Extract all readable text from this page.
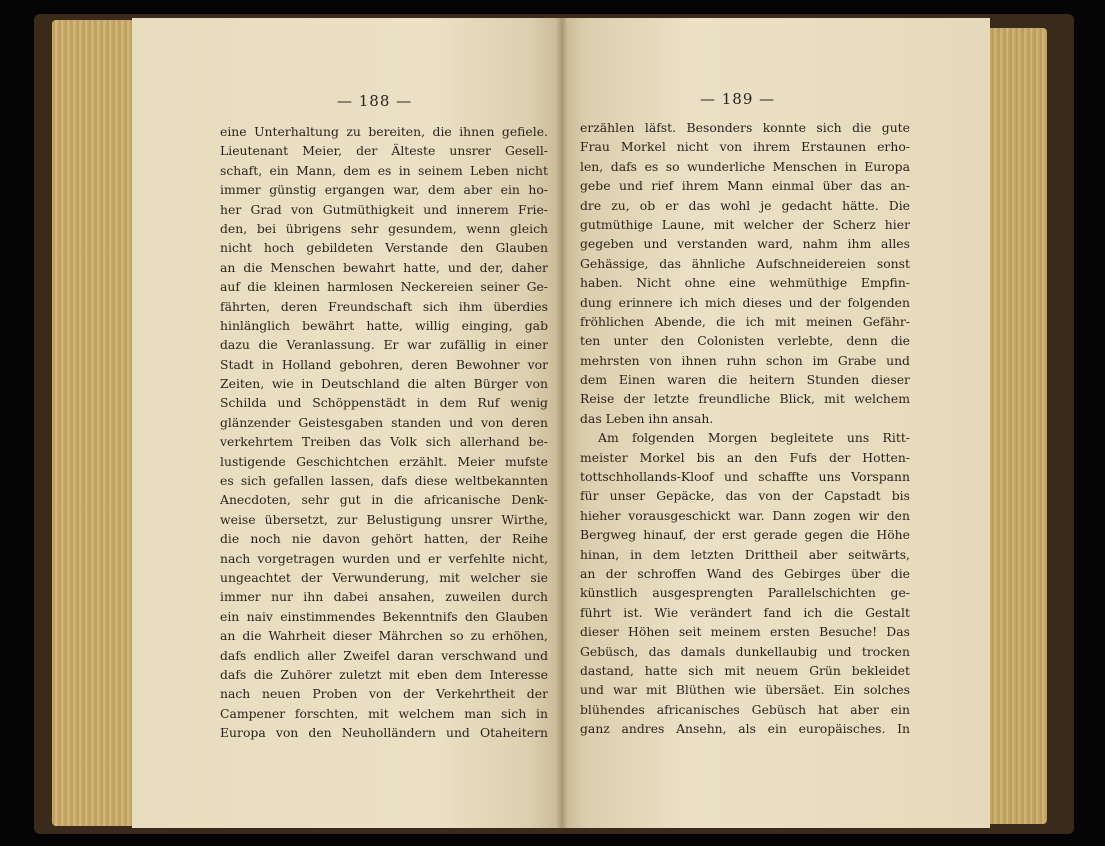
— 188 —
eine Unterhaltung zu bereiten, die ihnen gefiele.
Lieutenant Meier, der Älteste unsrer Gesell-
schaft, ein Mann, dem es in seinem Leben nicht
immer günstig ergangen war, dem aber ein ho-
her Grad von Gutmüthigkeit und innerem Frie-
den, bei übrigens sehr gesundem, wenn gleich
nicht hoch gebildeten Verstande den Glauben
an die Menschen bewahrt hatte, und der, daher
auf die kleinen harmlosen Neckereien seiner Ge-
fährten, deren Freundschaft sich ihm überdies
hinlänglich bewährt hatte, willig einging, gab
dazu die Veranlassung. Er war zufällig in einer
Stadt in Holland gebohren, deren Bewohner vor
Zeiten, wie in Deutschland die alten Bürger von
Schilda und Schöppenstädt in dem Ruf wenig
glänzender Geistesgaben standen und von deren
verkehrtem Treiben das Volk sich allerhand be-
lustigende Geschichtchen erzählt. Meier mufste
es sich gefallen lassen, dafs diese weltbekannten
Anecdoten, sehr gut in die africanische Denk-
weise übersetzt, zur Belustigung unsrer Wirthe,
die noch nie davon gehört hatten, der Reihe
nach vorgetragen wurden und er verfehlte nicht,
ungeachtet der Verwunderung, mit welcher sie
immer nur ihn dabei ansahen, zuweilen durch
ein naiv einstimmendes Bekenntnifs den Glauben
an die Wahrheit dieser Mährchen so zu erhöhen,
dafs endlich aller Zweifel daran verschwand und
dafs die Zuhörer zuletzt mit eben dem Interesse
nach neuen Proben von der Verkehrtheit der
Campener forschten, mit welchem man sich in
Europa von den Neuholländern und Otaheitern
— 189 —
erzählen läfst. Besonders konnte sich die gute
Frau Morkel nicht von ihrem Erstaunen erho-
len, dafs es so wunderliche Menschen in Europa
gebe und rief ihrem Mann einmal über das an-
dre zu, ob er das wohl je gedacht hätte. Die
gutmüthige Laune, mit welcher der Scherz hier
gegeben und verstanden ward, nahm ihm alles
Gehässige, das ähnliche Aufschneidereien sonst
haben. Nicht ohne eine wehmüthige Empfin-
dung erinnere ich mich dieses und der folgenden
fröhlichen Abende, die ich mit meinen Gefähr-
ten unter den Colonisten verlebte, denn die
mehrsten von ihnen ruhn schon im Grabe und
dem Einen waren die heitern Stunden dieser
Reise der letzte freundliche Blick, mit welchem
das Leben ihn ansah.
Am folgenden Morgen begleitete uns Ritt-
meister Morkel bis an den Fufs der Hotten-
tottschhollands-Kloof und schaffte uns Vorspann
für unser Gepäcke, das von der Capstadt bis
hieher vorausgeschickt war. Dann zogen wir den
Bergweg hinauf, der erst gerade gegen die Höhe
hinan, in dem letzten Drittheil aber seitwärts,
an der schroffen Wand des Gebirges über die
künstlich ausgesprengten Parallelschichten ge-
führt ist. Wie verändert fand ich die Gestalt
dieser Höhen seit meinem ersten Besuche! Das
Gebüsch, das damals dunkellaubig und trocken
dastand, hatte sich mit neuem Grün bekleidet
und war mit Blüthen wie übersäet. Ein solches
blühendes africanisches Gebüsch hat aber ein
ganz andres Ansehn, als ein europäisches. In
